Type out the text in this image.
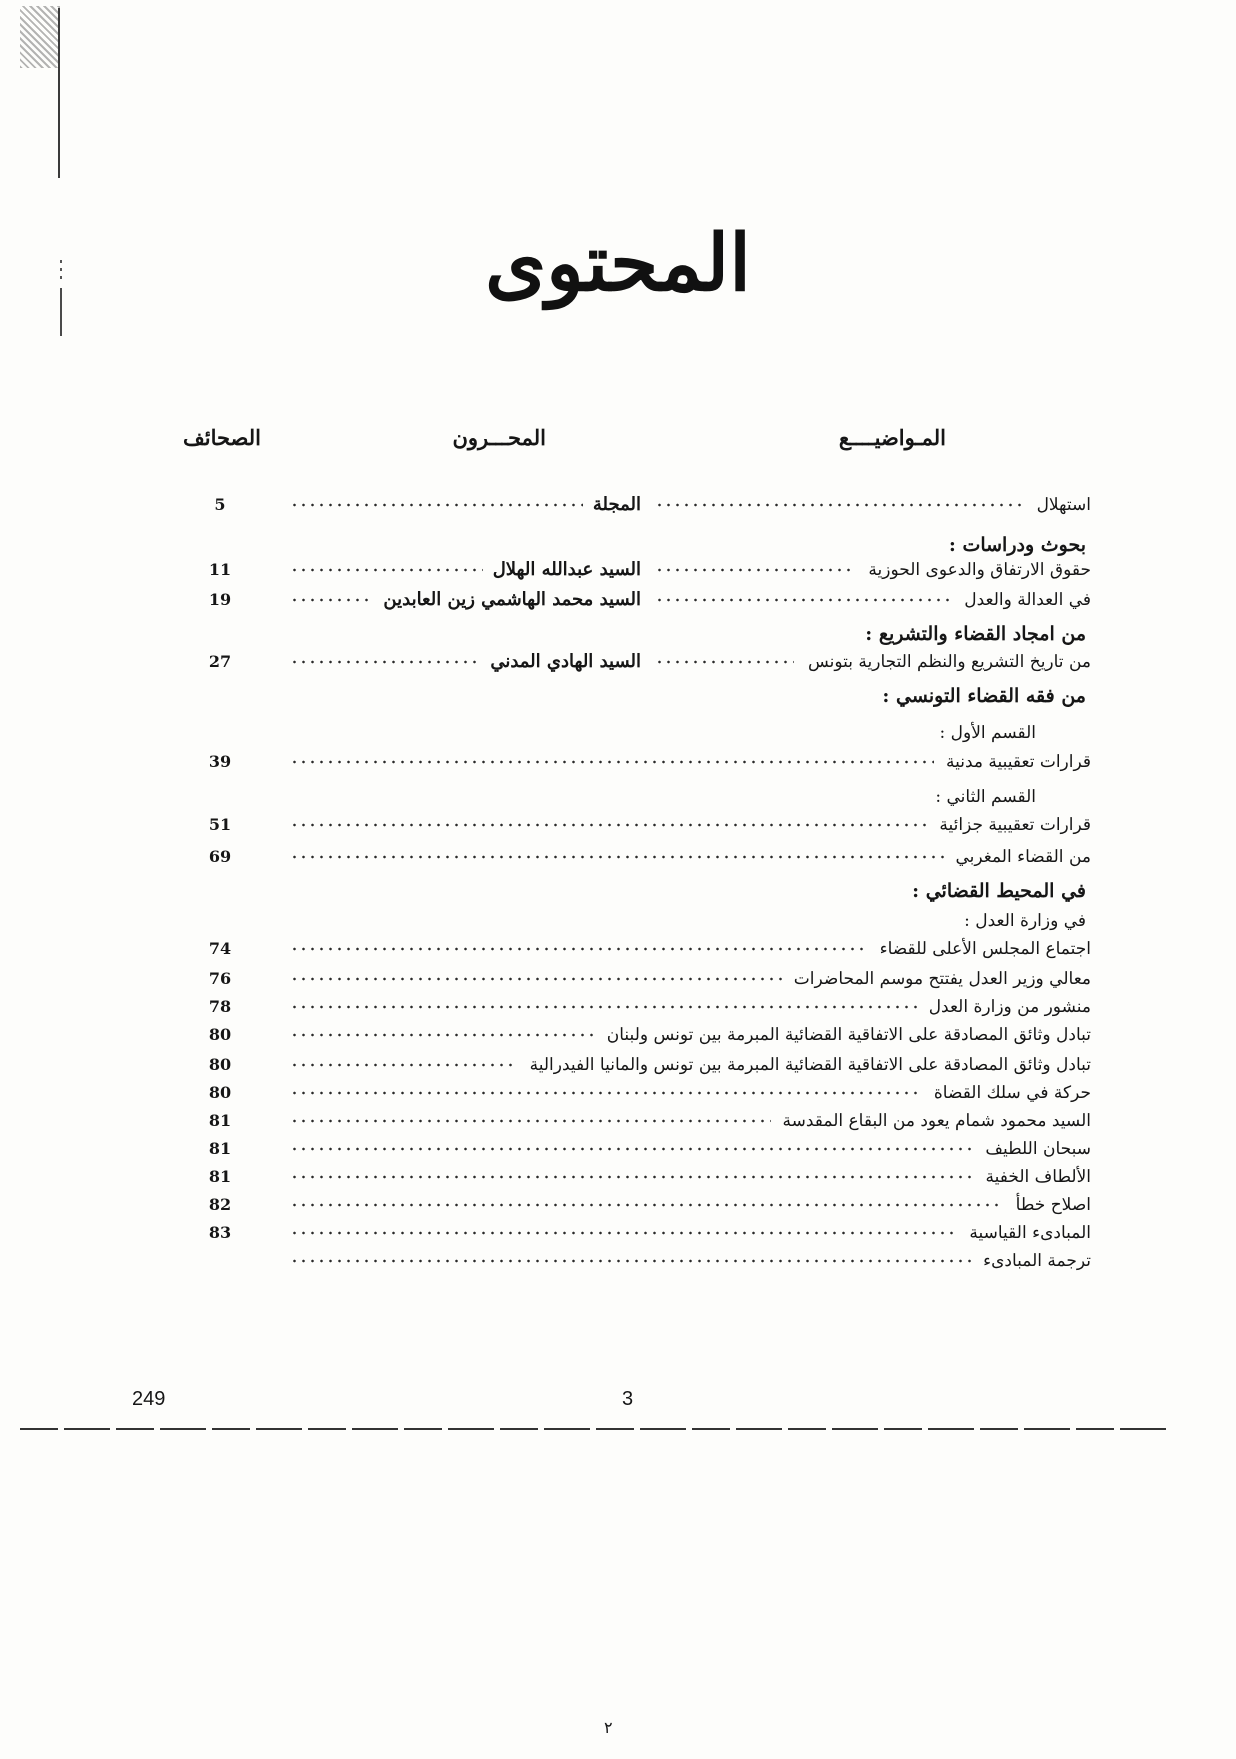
المحتوى
المـواضيــــع
المحـــرون
الصحائف
استهلال
المجلة
5
بحوث ودراسات :
حقوق الارتفاق والدعوى الحوزية
السيد عبدالله الهلال
11
في العدالة والعدل
السيد محمد الهاشمي زين العابدين
19
من امجاد القضاء والتشريع :
من تاريخ التشريع والنظم التجارية بتونس
السيد الهادي المدني
27
من فقه القضاء التونسي :
القسم الأول :
قرارات تعقيبية مدنية
39
القسم الثاني :
قرارات تعقيبية جزائية
51
من القضاء المغربي
69
في المحيط القضائي :
في وزارة العدل :
اجتماع المجلس الأعلى للقضاء
74
معالي وزير العدل يفتتح موسم المحاضرات
76
منشور من وزارة العدل
78
تبادل وثائق المصادقة على الاتفاقية القضائية المبرمة بين تونس ولبنان
80
تبادل وثائق المصادقة على الاتفاقية القضائية المبرمة بين تونس والمانيا الفيدرالية
80
حركة في سلك القضاة
80
السيد محمود شمام يعود من البقاع المقدسة
81
سبحان اللطيف
81
الألطاف الخفية
81
اصلاح خطأ
82
المبادىء القياسية
83
ترجمة المبادىء
249	3
٢
